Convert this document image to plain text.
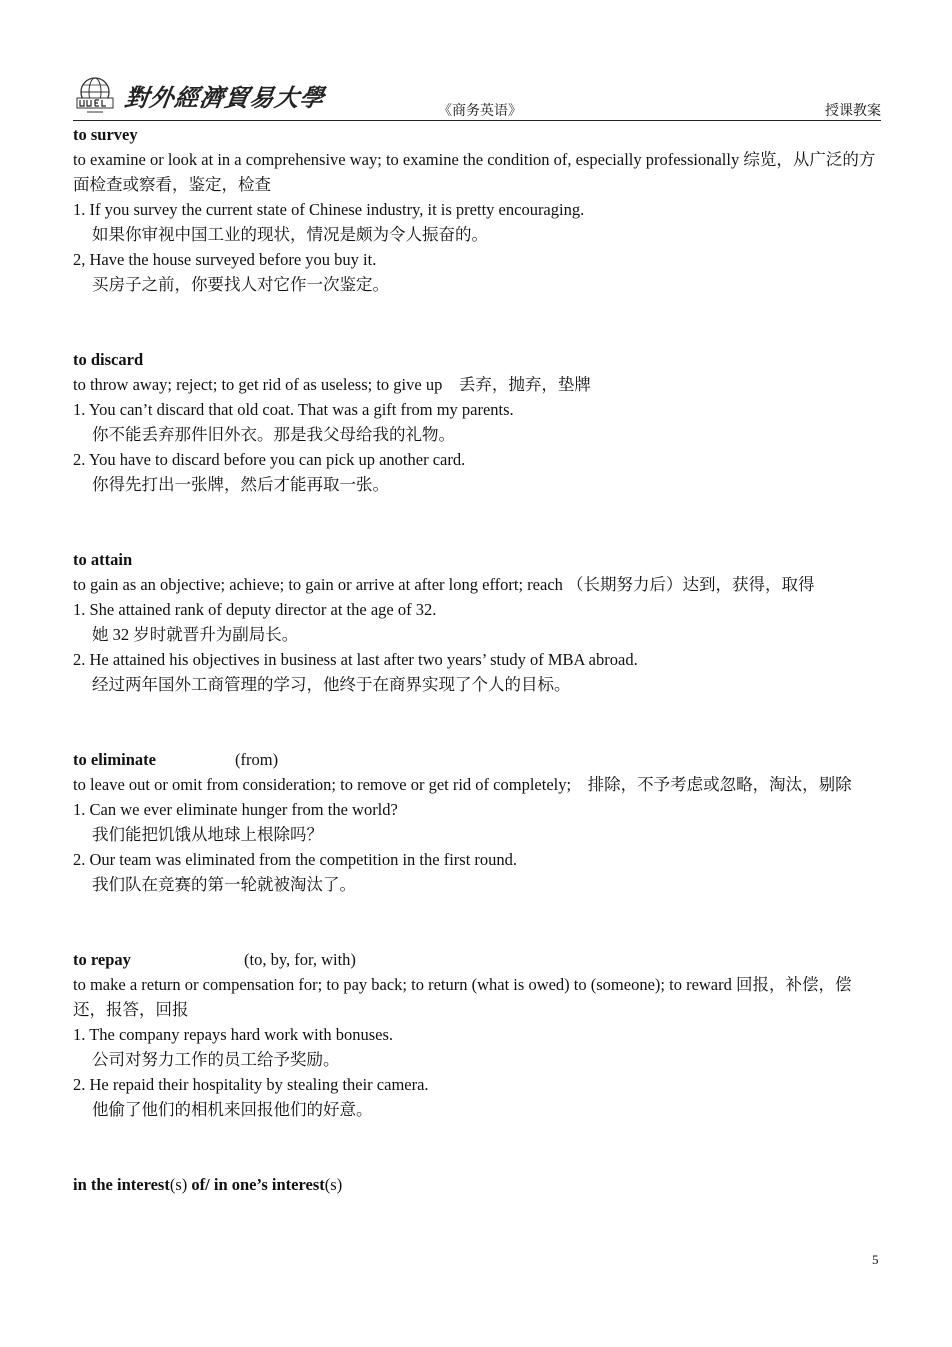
對外經濟貿易大學	《商务英语》	授课教案
to survey
to examine or look at in a comprehensive way; to examine the condition of, especially professionally 综览，从广泛的方面检查或察看，鉴定，检查
1. If you survey the current state of Chinese industry, it is pretty encouraging.
如果你审视中国工业的现状，情况是颇为令人振奋的。
2, Have the house surveyed before you buy it.
买房子之前，你要找人对它作一次鉴定。
to discard
to throw away; reject; to get rid of as useless; to give up　丢弃，抛弃，垫牌
1. You can’t discard that old coat. That was a gift from my parents.
你不能丢弃那件旧外衣。那是我父母给我的礼物。
2. You have to discard before you can pick up another card.
你得先打出一张牌，然后才能再取一张。
to attain
to gain as an objective; achieve; to gain or arrive at after long effort; reach （长期努力后）达到，获得，取得
1. She attained rank of deputy director at the age of 32.
她 32 岁时就晋升为副局长。
2. He attained his objectives in business at last after two years’ study of MBA abroad.
经过两年国外工商管理的学习，他终于在商界实现了个人的目标。
to eliminate	(from)
to leave out or omit from consideration; to remove or get rid of completely;　排除，不予考虑或忽略，淘汰，剔除
1. Can we ever eliminate hunger from the world?
我们能把饥饿从地球上根除吗？
2. Our team was eliminated from the competition in the first round.
我们队在竞赛的第一轮就被淘汰了。
to repay	(to, by, for, with)
to make a return or compensation for; to pay back; to return (what is owed) to (someone); to reward 回报，补偿，偿还，报答，回报
1. The company repays hard work with bonuses.
公司对努力工作的员工给予奖励。
2. He repaid their hospitality by stealing their camera.
他偷了他们的相机来回报他们的好意。
in the interest(s) of/ in one’s interest(s)
5
